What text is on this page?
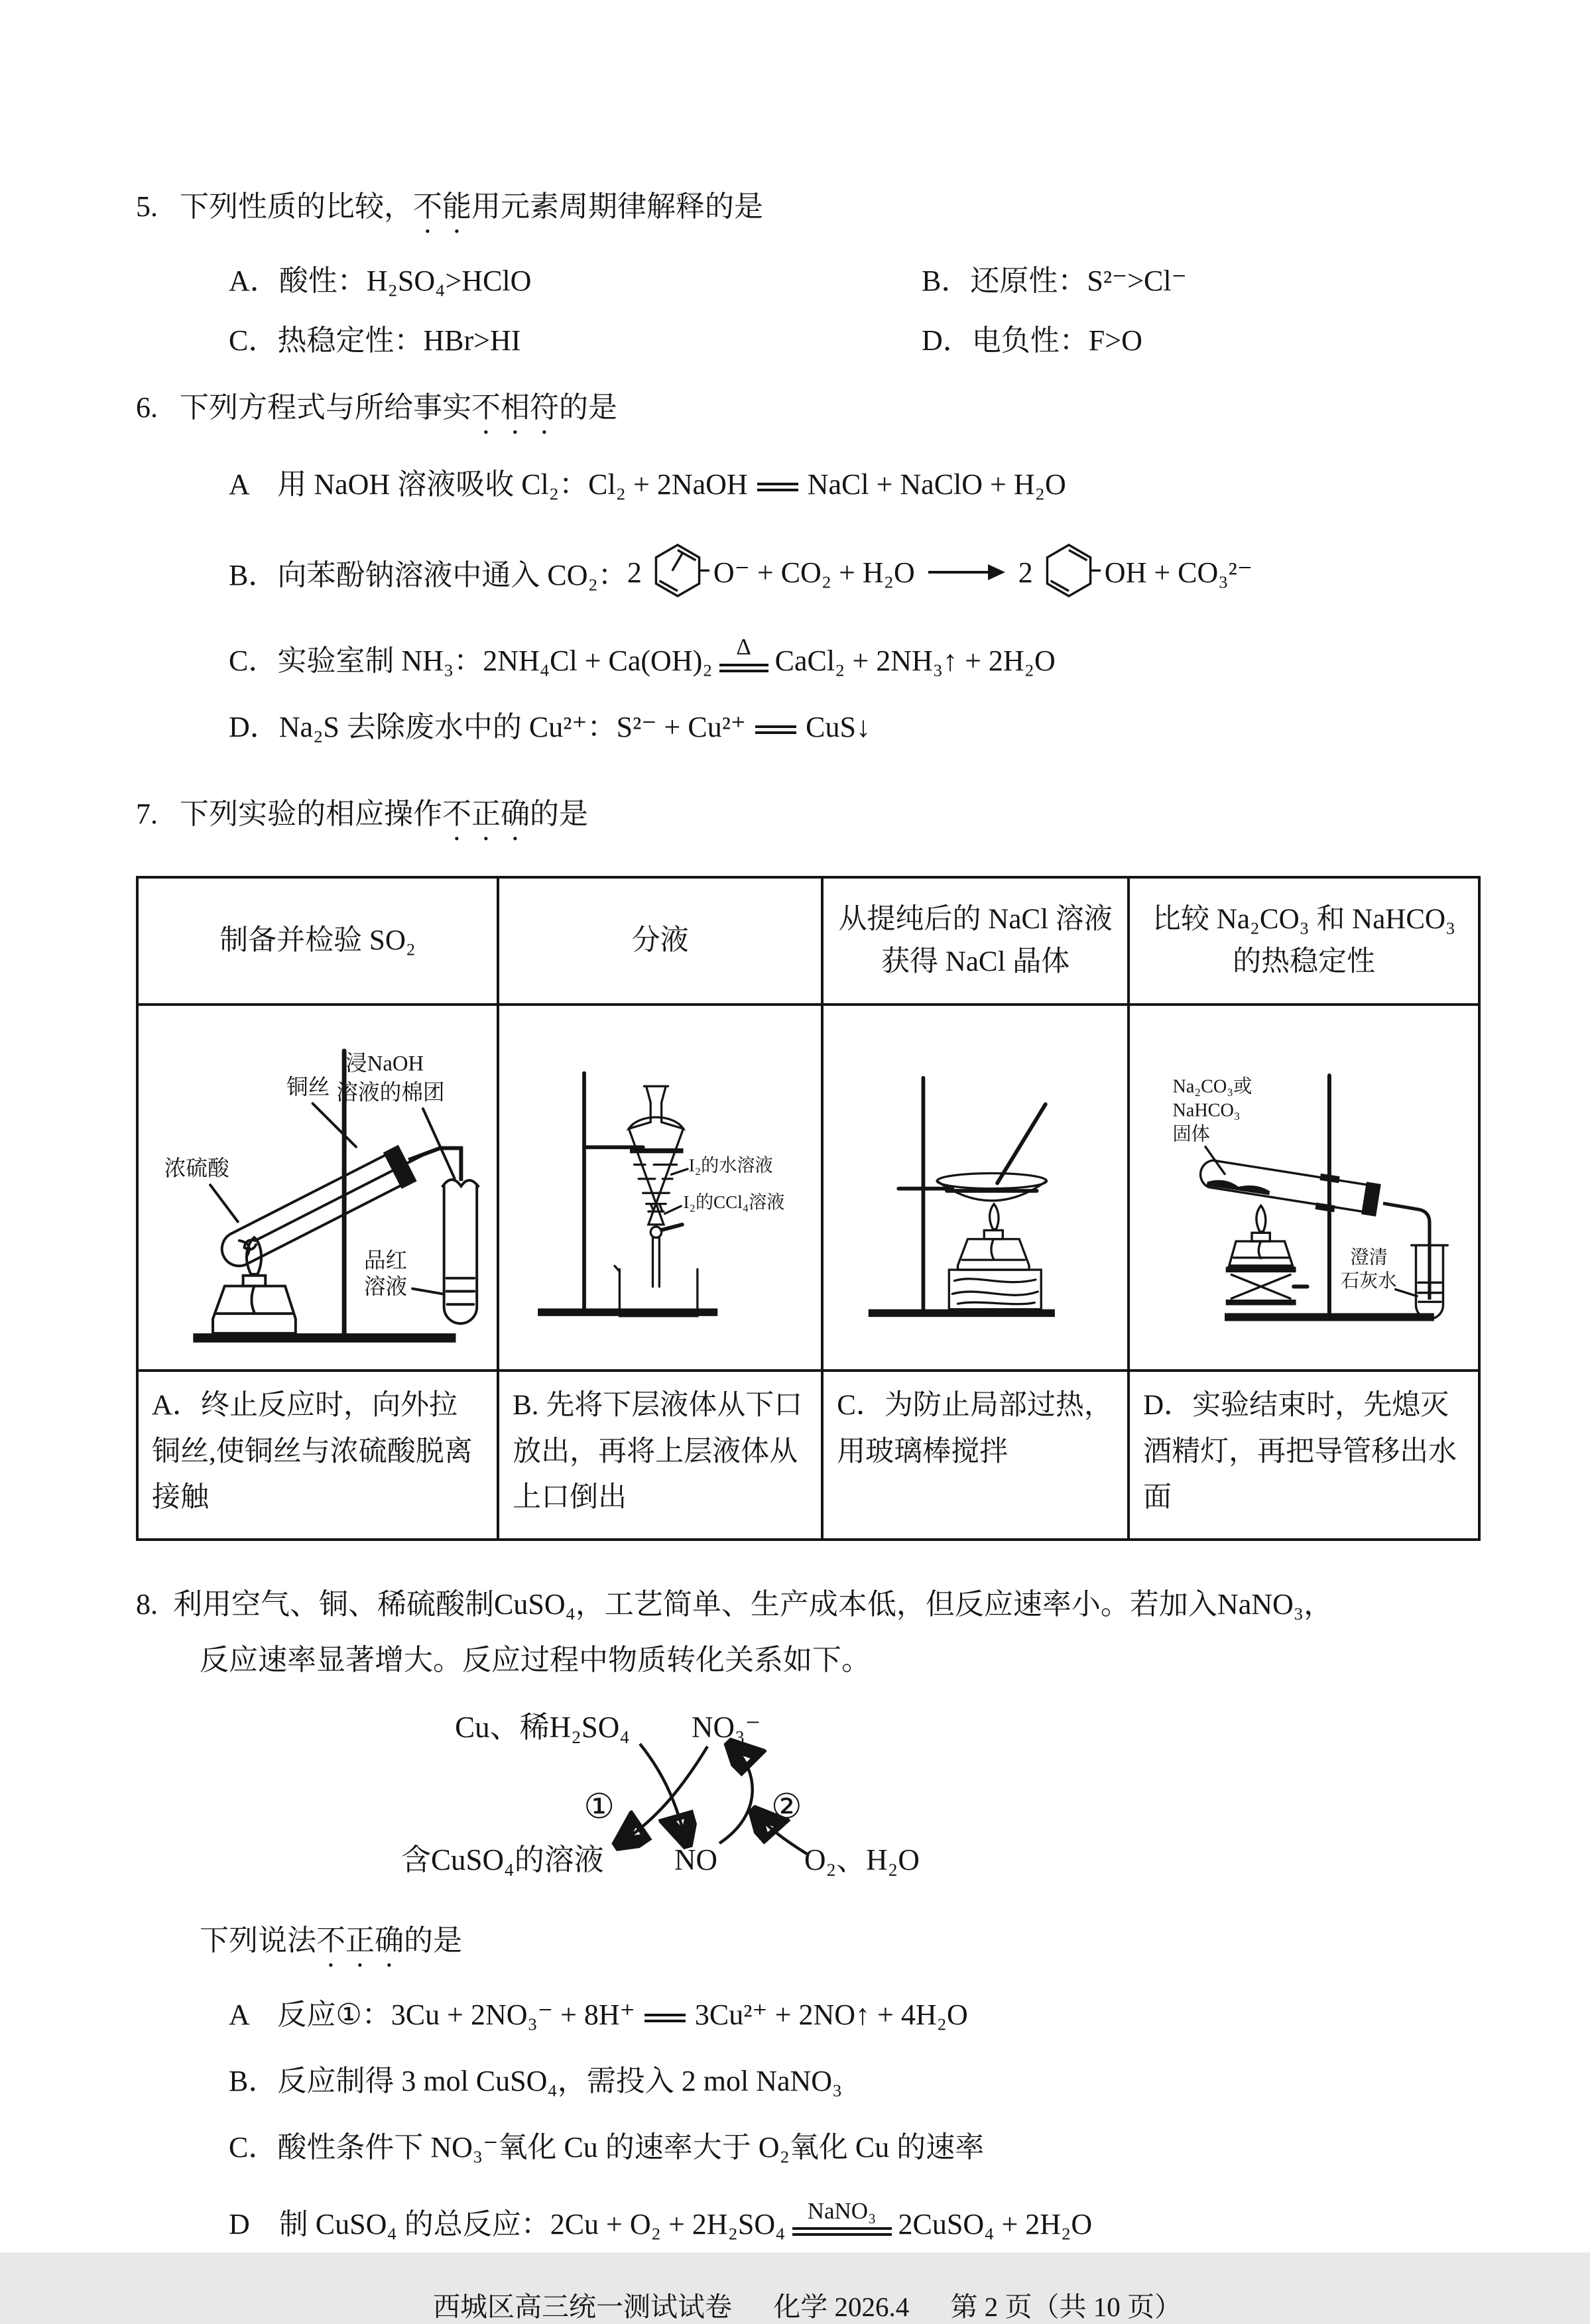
5. 下列性质的比较，不能用元素周期律解释的是
A．酸性：H₂SO₄>HClO	B．还原性：S²⁻>Cl⁻
C．热稳定性：HBr>HI	D．电负性：F>O
6. 下列方程式与所给事实不相符的是
A　用 NaOH 溶液吸收 Cl₂：Cl₂ + 2NaOH NaCl + NaClO + H₂O
B．向苯酚钠溶液中通入 CO₂： 2 O⁻ + CO₂ + H₂O → 2 OH + CO₃²⁻
C．实验室制 NH₃：2NH₄Cl + Ca(OH)₂ Δ CaCl₂ + 2NH₃↑ + 2H₂O
D．Na₂S 去除废水中的 Cu²⁺：S²⁻ + Cu²⁺ CuS↓
7. 下列实验的相应操作不正确的是
制备并检验 SO₂	分液	从提纯后的 NaCl 溶液获得 NaCl 晶体	比较 Na₂CO₃ 和 NaHCO₃ 的热稳定性

铜丝
浸NaOH
溶液的棉团
浓硫酸
品红
溶液

I₂的水溶液
I₂的CCl₄溶液

Na₂CO₃或
NaHCO₃
固体
澄清
石灰水

A．终止反应时，向外拉铜丝,使铜丝与浓硫酸脱离接触	B. 先将下层液体从下口放出，再将上层液体从上口倒出	C．为防止局部过热，用玻璃棒搅拌	D．实验结束时，先熄灭酒精灯，再把导管移出水面
8. 利用空气、铜、稀硫酸制CuSO₄，工艺简单、生产成本低，但反应速率小。若加入NaNO₃，
反应速率显著增大。反应过程中物质转化关系如下。
Cu、稀H₂SO₄ NO₃⁻
含CuSO₄的溶液 NO	O₂、H₂O
①	②
下列说法不正确的是
A　反应①：3Cu + 2NO₃⁻ + 8H⁺ 3Cu²⁺ + 2NO↑ + 4H₂O
B．反应制得 3 mol CuSO₄，需投入 2 mol NaNO₃
C．酸性条件下 NO₃⁻氧化 Cu 的速率大于 O₂氧化 Cu 的速率
D　制 CuSO₄ 的总反应：2Cu + O₂ + 2H₂SO₄ NaNO₃ 2CuSO₄ + 2H₂O
西城区高三统一测试试卷 化学 2026.4 第 2 页（共 10 页）
